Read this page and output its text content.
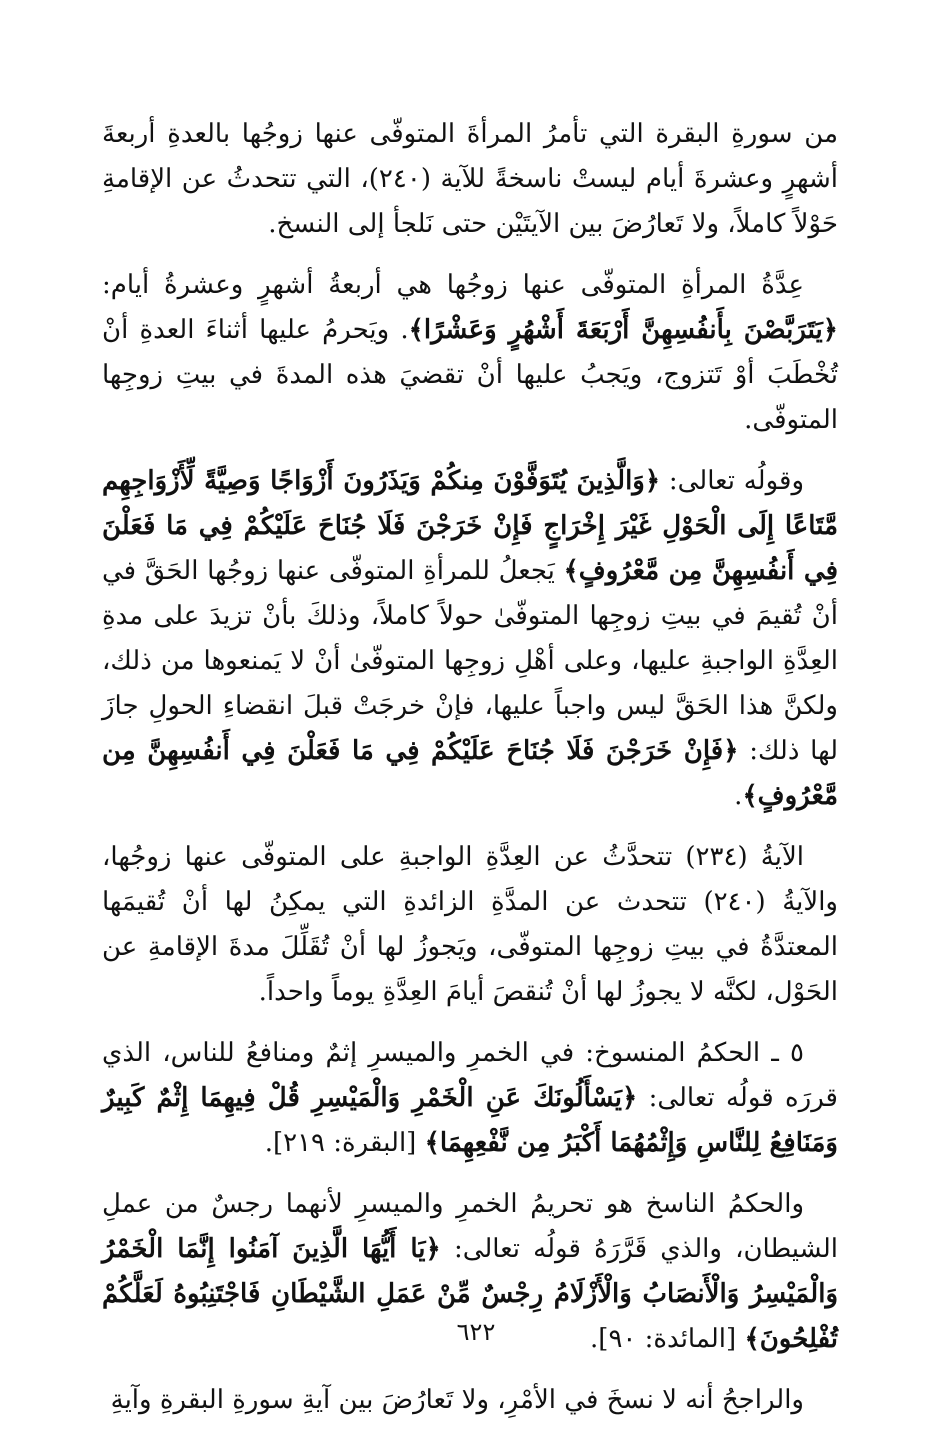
من سورةِ البقرة التي تأمرُ المرأةَ المتوفّى عنها زوجُها بالعدةِ أربعةَ أشهرٍ وعشرةَ أيام ليستْ ناسخةً للآية (٢٤٠)، التي تتحدثُ عن الإقامةِ حَوْلاً كاملاً، ولا تَعارُضَ بين الآيتَيْن حتى نَلجأ إلى النسخ.

عِدَّةُ المرأةِ المتوفّى عنها زوجُها هي أربعةُ أشهرٍ وعشرةُ أيام: ﴿يَتَرَبَّصْنَ بِأَنفُسِهِنَّ أَرْبَعَةَ أَشْهُرٍ وَعَشْرًا﴾. ويَحرمُ عليها أثناءَ العدةِ أنْ تُخْطَبَ أوْ تَتزوج، ويَجبُ عليها أنْ تقضيَ هذه المدةَ في بيتِ زوجِها المتوفّى.

وقولُه تعالى: ﴿وَالَّذِينَ يُتَوَفَّوْنَ مِنكُمْ وَيَذَرُونَ أَزْوَاجًا وَصِيَّةً لِّأَزْوَاجِهِم مَّتَاعًا إِلَى الْحَوْلِ غَيْرَ إِخْرَاجٍ فَإِنْ خَرَجْنَ فَلَا جُنَاحَ عَلَيْكُمْ فِي مَا فَعَلْنَ فِي أَنفُسِهِنَّ مِن مَّعْرُوفٍ﴾ يَجعلُ للمرأةِ المتوفّى عنها زوجُها الحَقَّ في أنْ تُقيمَ في بيتِ زوجِها المتوفّىٰ حولاً كاملاً، وذلكَ بأنْ تزيدَ على مدةِ العِدَّةِ الواجبةِ عليها، وعلى أهْلِ زوجِها المتوفّىٰ أنْ لا يَمنعوها من ذلك، ولكنَّ هذا الحَقَّ ليس واجباً عليها، فإنْ خرجَتْ قبلَ انقضاءِ الحولِ جازَ لها ذلك: ﴿فَإِنْ خَرَجْنَ فَلَا جُنَاحَ عَلَيْكُمْ فِي مَا فَعَلْنَ فِي أَنفُسِهِنَّ مِن مَّعْرُوفٍ﴾.

الآيةُ (٢٣٤) تتحدَّثُ عن العِدَّةِ الواجبةِ على المتوفّى عنها زوجُها، والآيةُ (٢٤٠) تتحدث عن المدَّةِ الزائدةِ التي يمكِنُ لها أنْ تُقيمَها المعتدَّةُ في بيتِ زوجِها المتوفّى، ويَجوزُ لها أنْ تُقَلِّلَ مدةَ الإقامةِ عن الحَوْل، لكنَّه لا يجوزُ لها أنْ تُنقصَ أيامَ العِدَّةِ يوماً واحداً.

٥ ـ الحكمُ المنسوخ: في الخمرِ والميسرِ إثمٌ ومنافعُ للناس، الذي قررَه قولُه تعالى: ﴿يَسْأَلُونَكَ عَنِ الْخَمْرِ وَالْمَيْسِرِ قُلْ فِيهِمَا إِثْمٌ كَبِيرٌ وَمَنَافِعُ لِلنَّاسِ وَإِثْمُهُمَا أَكْبَرُ مِن نَّفْعِهِمَا﴾ [البقرة: ٢١٩].

والحكمُ الناسخ هو تحريمُ الخمرِ والميسرِ لأنهما رجسٌ من عملِ الشيطان، والذي قَرَّرَهُ قولُه تعالى: ﴿يَا أَيُّهَا الَّذِينَ آمَنُوا إِنَّمَا الْخَمْرُ وَالْمَيْسِرُ وَالْأَنصَابُ وَالْأَزْلَامُ رِجْسٌ مِّنْ عَمَلِ الشَّيْطَانِ فَاجْتَنِبُوهُ لَعَلَّكُمْ تُفْلِحُونَ﴾ [المائدة: ٩٠].

والراجحُ أنه لا نسخَ في الأمْرِ، ولا تَعارُضَ بين آيةِ سورةِ البقرةِ وآيةِ

٦٢٢
